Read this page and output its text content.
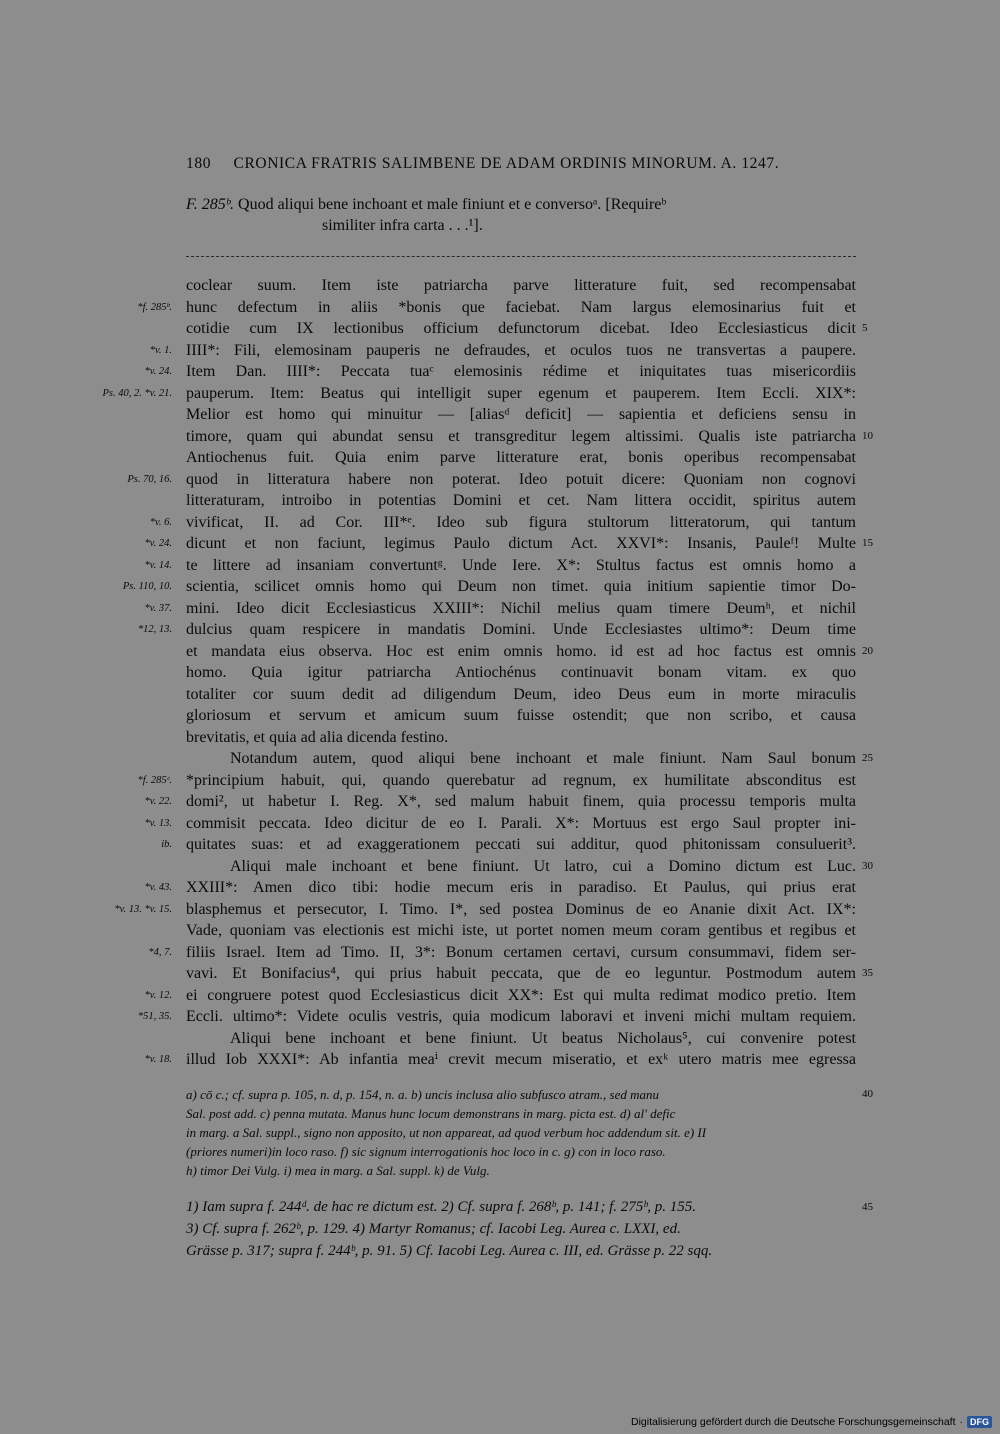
180 CRONICA FRATRIS SALIMBENE DE ADAM ORDINIS MINORUM. A. 1247.
F. 285ᵇ. Quod aliqui bene inchoant et male finiunt et e conversoᵃ. [Requireᵇ
similiter infra carta . . .¹].
coclear suum. Item iste patriarcha parve litterature fuit, sed recompensabat
*f. 285ᵇ. hunc defectum in aliis *bonis que faciebat. Nam largus elemosinarius fuit et
cotidie cum IX lectionibus officium defunctorum dicebat. Ideo Ecclesiasticus dicit 5
*v. 1. IIII*: Fili, elemosinam pauperis ne defraudes, et oculos tuos ne transvertas a paupere.
*v. 24. Item Dan. IIII*: Peccata tuaᶜ elemosinis rédime et iniquitates tuas misericordiis
Ps. 40, 2. *v. 21. pauperum. Item: Beatus qui intelligit super egenum et pauperem. Item Eccli. XIX*:
Melior est homo qui minuitur — [aliasᵈ deficit] — sapientia et deficiens sensu in
timore, quam qui abundat sensu et transgreditur legem altissimi. Qualis iste patriarcha 10
Antiochenus fuit. Quia enim parve litterature erat, bonis operibus recompensabat
Ps. 70, 16. quod in litteratura habere non poterat. Ideo potuit dicere: Quoniam non cognovi
litteraturam, introibo in potentias Domini et cet. Nam littera occidit, spiritus autem
*v. 6. vivificat, II. ad Cor. III*ᵉ. Ideo sub figura stultorum litteratorum, qui tantum
*v. 24. dicunt et non faciunt, legimus Paulo dictum Act. XXVI*: Insanis, Pauleᶠ! Multe 15
*v. 14. te littere ad insaniam convertuntᵍ. Unde Iere. X*: Stultus factus est omnis homo a
Ps. 110, 10. scientia, scilicet omnis homo qui Deum non timet. quia initium sapientie timor Do-
*v. 37. mini. Ideo dicit Ecclesiasticus XXIII*: Nichil melius quam timere Deumʰ, et nichil
*12, 13. dulcius quam respicere in mandatis Domini. Unde Ecclesiastes ultimo*: Deum time
et mandata eius observa. Hoc est enim omnis homo. id est ad hoc factus est omnis 20
homo. Quia igitur patriarcha Antiochénus continuavit bonam vitam. ex quo
totaliter cor suum dedit ad diligendum Deum, ideo Deus eum in morte miraculis
gloriosum et servum et amicum suum fuisse ostendit; que non scribo, et causa
brevitatis, et quia ad alia dicenda festino.
Notandum autem, quod aliqui bene inchoant et male finiunt. Nam Saul bonum 25
*f. 285ᶜ. *principium habuit, qui, quando querebatur ad regnum, ex humilitate absconditus est
*v. 22. domi², ut habetur I. Reg. X*, sed malum habuit finem, quia processu temporis multa
*v. 13. commisit peccata. Ideo dicitur de eo I. Parali. X*: Mortuus est ergo Saul propter ini-
ib. quitates suas: et ad exaggerationem peccati sui additur, quod phitonissam consuluerit³.
Aliqui male inchoant et bene finiunt. Ut latro, cui a Domino dictum est Luc. 30
*v. 43. XXIII*: Amen dico tibi: hodie mecum eris in paradiso. Et Paulus, qui prius erat
*v. 13. *v. 15. blasphemus et persecutor, I. Timo. I*, sed postea Dominus de eo Ananie dixit Act. IX*:
Vade, quoniam vas electionis est michi iste, ut portet nomen meum coram gentibus et regibus et
*4, 7. filiis Israel. Item ad Timo. II, 3*: Bonum certamen certavi, cursum consummavi, fidem ser-
vavi. Et Bonifacius⁴, qui prius habuit peccata, que de eo leguntur. Postmodum autem 35
*v. 12. ei congruere potest quod Ecclesiasticus dicit XX*: Est qui multa redimat modico pretio. Item
*51, 35. Eccli. ultimo*: Videte oculis vestris, quia modicum laboravi et inveni michi multam requiem.
Aliqui bene inchoant et bene finiunt. Ut beatus Nicholaus⁵, cui convenire potest
*v. 18. illud Iob XXXI*: Ab infantia meaⁱ crevit mecum miseratio, et exᵏ utero matris mee egressa
a) cō c.; cf. supra p. 105, n. d, p. 154, n. a. b) uncis inclusa alio subfusco atram., sed manu	40
Sal. post add. c) penna mutata. Manus hunc locum demonstrans in marg. picta est. d) al' defic
in marg. a Sal. suppl., signo non apposito, ut non appareat, ad quod verbum hoc addendum sit. e) II
(priores numeri)in loco raso. f) sic signum interrogationis hoc loco in c. g) con in loco raso.
h) timor Dei Vulg. i) mea in marg. a Sal. suppl. k) de Vulg.
1) Iam supra f. 244ᵈ. de hac re dictum est. 2) Cf. supra f. 268ᵇ, p. 141; f. 275ᵇ, p. 155.	45
3) Cf. supra f. 262ᵇ, p. 129. 4) Martyr Romanus; cf. Iacobi Leg. Aurea c. LXXI, ed.
Grässe p. 317; supra f. 244ᵇ, p. 91. 5) Cf. Iacobi Leg. Aurea c. III, ed. Grässe p. 22 sqq.
Digitalisierung gefördert durch die Deutsche Forschungsgemeinschaft · DFG
